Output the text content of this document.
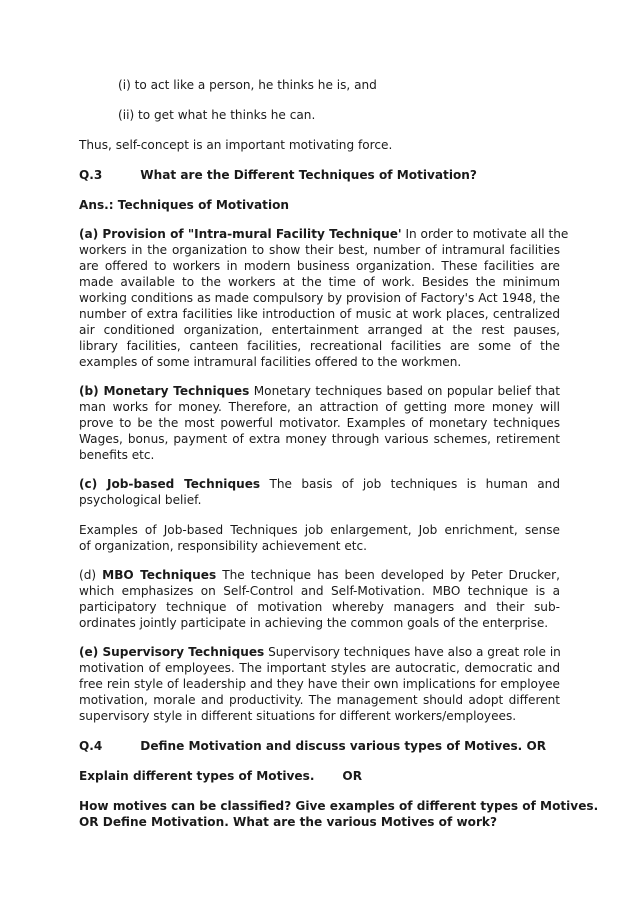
(i) to act like a person, he thinks he is, and

(ii) to get what he thinks he can.

Thus, self-concept is an important motivating force.

Q.3	What are the Different Techniques of Motivation?

Ans.: Techniques of Motivation

(a) Provision of "Intra-mural Facility Technique' In order to motivate all the

workers in the organization to show their best, number of intramural facilities

are offered to workers in modern business organization. These facilities are

made available to the workers at the time of work. Besides the minimum

working conditions as made compulsory by provision of Factory's Act 1948, the

number of extra facilities like introduction of music at work places, centralized

air conditioned organization, entertainment arranged at the rest pauses,

library facilities, canteen facilities, recreational facilities are some of the

examples of some intramural facilities offered to the workmen.

(b) Monetary Techniques Monetary techniques based on popular belief that

man works for money. Therefore, an attraction of getting more money will

prove to be the most powerful motivator. Examples of monetary techniques

Wages, bonus, payment of extra money through various schemes, retirement

benefits etc.

(c) Job-based Techniques The basis of job techniques is human and

psychological belief.

Examples of Job-based Techniques job enlargement, Job enrichment, sense

of organization, responsibility achievement etc.

(d) MBO Techniques The technique has been developed by Peter Drucker,

which emphasizes on Self-Control and Self-Motivation. MBO technique is a

participatory technique of motivation whereby managers and their sub-

ordinates jointly participate in achieving the common goals of the enterprise.

(e) Supervisory Techniques Supervisory techniques have also a great role in

motivation of employees. The important styles are autocratic, democratic and

free rein style of leadership and they have their own implications for employee

motivation, morale and productivity. The management should adopt different

supervisory style in different situations for different workers/employees.

Q.4	Define Motivation and discuss various types of Motives. OR

Explain different types of Motives. OR

How motives can be classified? Give examples of different types of Motives.

OR Define Motivation. What are the various Motives of work?
